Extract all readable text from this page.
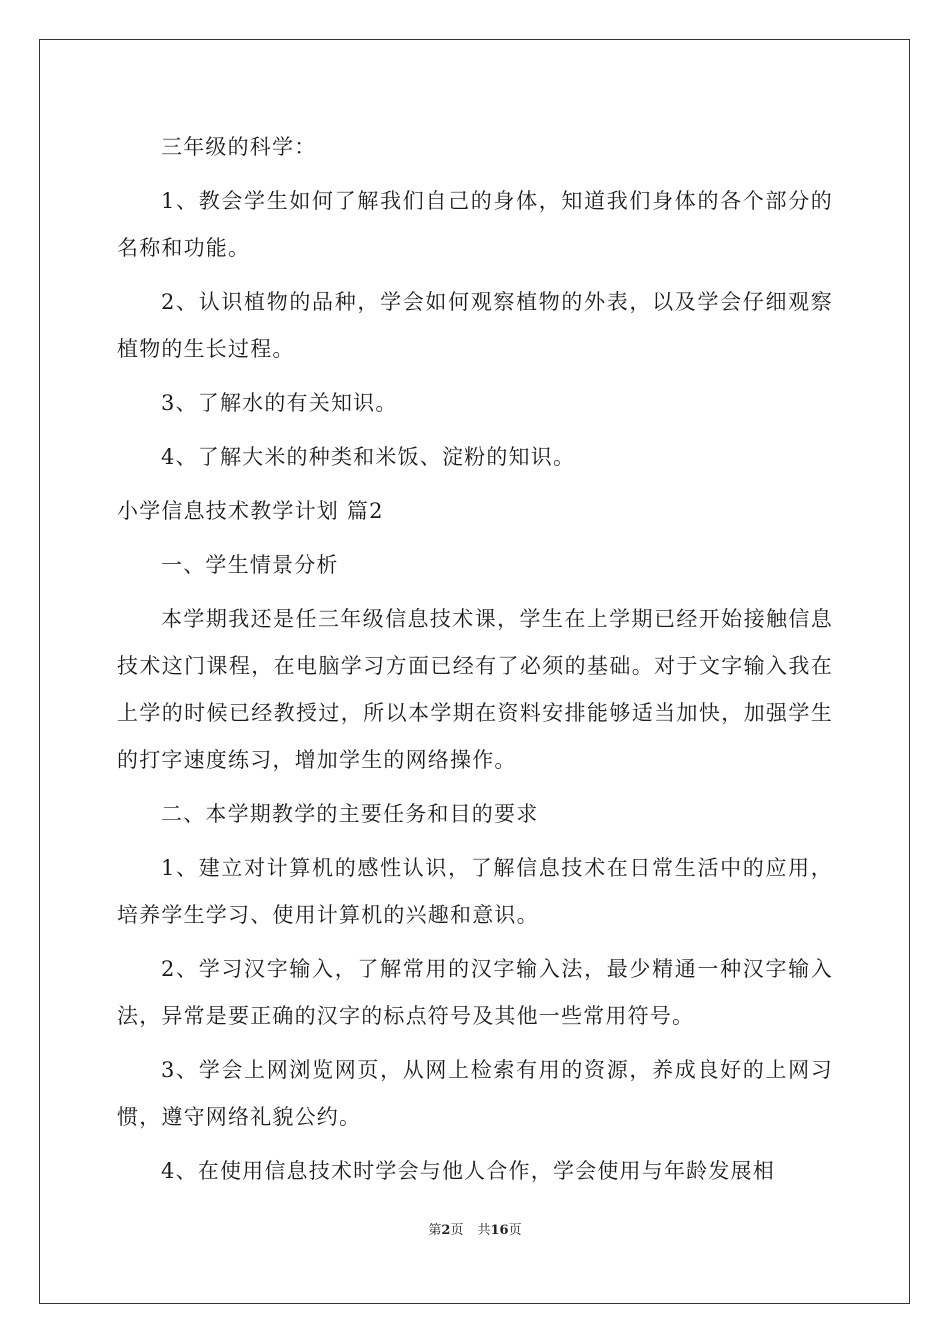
三年级的科学：

1、教会学生如何了解我们自己的身体，知道我们身体的各个部分的名称和功能。

2、认识植物的品种，学会如何观察植物的外表，以及学会仔细观察植物的生长过程。

3、了解水的有关知识。

4、了解大米的种类和米饭、淀粉的知识。

小学信息技术教学计划 篇2

一、学生情景分析

本学期我还是任三年级信息技术课，学生在上学期已经开始接触信息技术这门课程，在电脑学习方面已经有了必须的基础。对于文字输入我在上学的时候已经教授过，所以本学期在资料安排能够适当加快，加强学生的打字速度练习，增加学生的网络操作。

二、本学期教学的主要任务和目的要求

1、建立对计算机的感性认识，了解信息技术在日常生活中的应用，培养学生学习、使用计算机的兴趣和意识。

2、学习汉字输入，了解常用的汉字输入法，最少精通一种汉字输入法，异常是要正确的汉字的标点符号及其他一些常用符号。

3、学会上网浏览网页，从网上检索有用的资源，养成良好的上网习惯，遵守网络礼貌公约。

4、在使用信息技术时学会与他人合作，学会使用与年龄发展相

第2页 共16页
